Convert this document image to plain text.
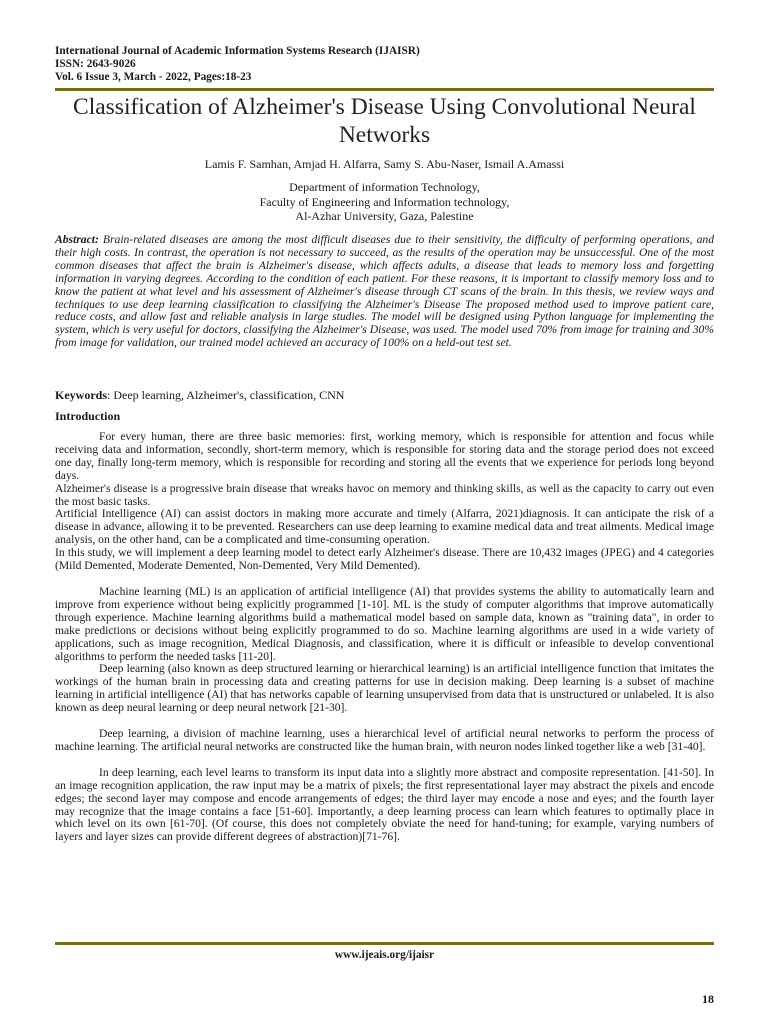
International Journal of Academic Information Systems Research (IJAISR)
ISSN: 2643-9026
Vol. 6 Issue 3, March - 2022, Pages:18-23
Classification of Alzheimer's Disease Using Convolutional Neural Networks
Lamis F. Samhan, Amjad H. Alfarra, Samy S. Abu-Naser, Ismail A.Amassi
Department of information Technology,
Faculty of Engineering and Information technology,
Al-Azhar University, Gaza, Palestine
Abstract: Brain-related diseases are among the most difficult diseases due to their sensitivity, the difficulty of performing operations, and their high costs. In contrast, the operation is not necessary to succeed, as the results of the operation may be unsuccessful. One of the most common diseases that affect the brain is Alzheimer's disease, which affects adults, a disease that leads to memory loss and forgetting information in varying degrees. According to the condition of each patient. For these reasons, it is important to classify memory loss and to know the patient at what level and his assessment of Alzheimer's disease through CT scans of the brain. In this thesis, we review ways and techniques to use deep learning classification to classifying the Alzheimer's Disease The proposed method used to improve patient care, reduce costs, and allow fast and reliable analysis in large studies. The model will be designed using Python language for implementing the system, which is very useful for doctors, classifying the Alzheimer's Disease, was used. The model used 70% from image for training and 30% from image for validation, our trained model achieved an accuracy of 100% on a held-out test set.
Keywords: Deep learning, Alzheimer's, classification, CNN
Introduction

For every human, there are three basic memories: first, working memory, which is responsible for attention and focus while receiving data and information, secondly, short-term memory, which is responsible for storing data and the storage period does not exceed one day, finally long-term memory, which is responsible for recording and storing all the events that we experience for periods long beyond days.

Alzheimer's disease is a progressive brain disease that wreaks havoc on memory and thinking skills, as well as the capacity to carry out even the most basic tasks.

Artificial Intelligence (AI) can assist doctors in making more accurate and timely (Alfarra, 2021)diagnosis. It can anticipate the risk of a disease in advance, allowing it to be prevented. Researchers can use deep learning to examine medical data and treat ailments. Medical image analysis, on the other hand, can be a complicated and time-consuming operation.

In this study, we will implement a deep learning model to detect early Alzheimer's disease. There are 10,432 images (JPEG) and 4 categories (Mild Demented, Moderate Demented, Non-Demented, Very Mild Demented).

Machine learning (ML) is an application of artificial intelligence (AI) that provides systems the ability to automatically learn and improve from experience without being explicitly programmed [1-10]. ML is the study of computer algorithms that improve automatically through experience. Machine learning algorithms build a mathematical model based on sample data, known as "training data", in order to make predictions or decisions without being explicitly programmed to do so. Machine learning algorithms are used in a wide variety of applications, such as image recognition, Medical Diagnosis, and classification, where it is difficult or infeasible to develop conventional algorithms to perform the needed tasks [11-20].

Deep learning (also known as deep structured learning or hierarchical learning) is an artificial intelligence function that imitates the workings of the human brain in processing data and creating patterns for use in decision making. Deep learning is a subset of machine learning in artificial intelligence (AI) that has networks capable of learning unsupervised from data that is unstructured or unlabeled. It is also known as deep neural learning or deep neural network [21-30].

Deep learning, a division of machine learning, uses a hierarchical level of artificial neural networks to perform the process of machine learning. The artificial neural networks are constructed like the human brain, with neuron nodes linked together like a web [31-40].

In deep learning, each level learns to transform its input data into a slightly more abstract and composite representation. [41-50]. In an image recognition application, the raw input may be a matrix of pixels; the first representational layer may abstract the pixels and encode edges; the second layer may compose and encode arrangements of edges; the third layer may encode a nose and eyes; and the fourth layer may recognize that the image contains a face [51-60]. Importantly, a deep learning process can learn which features to optimally place in which level on its own [61-70]. (Of course, this does not completely obviate the need for hand-tuning; for example, varying numbers of layers and layer sizes can provide different degrees of abstraction)[71-76].

www.ijeais.org/ijaisr
18
